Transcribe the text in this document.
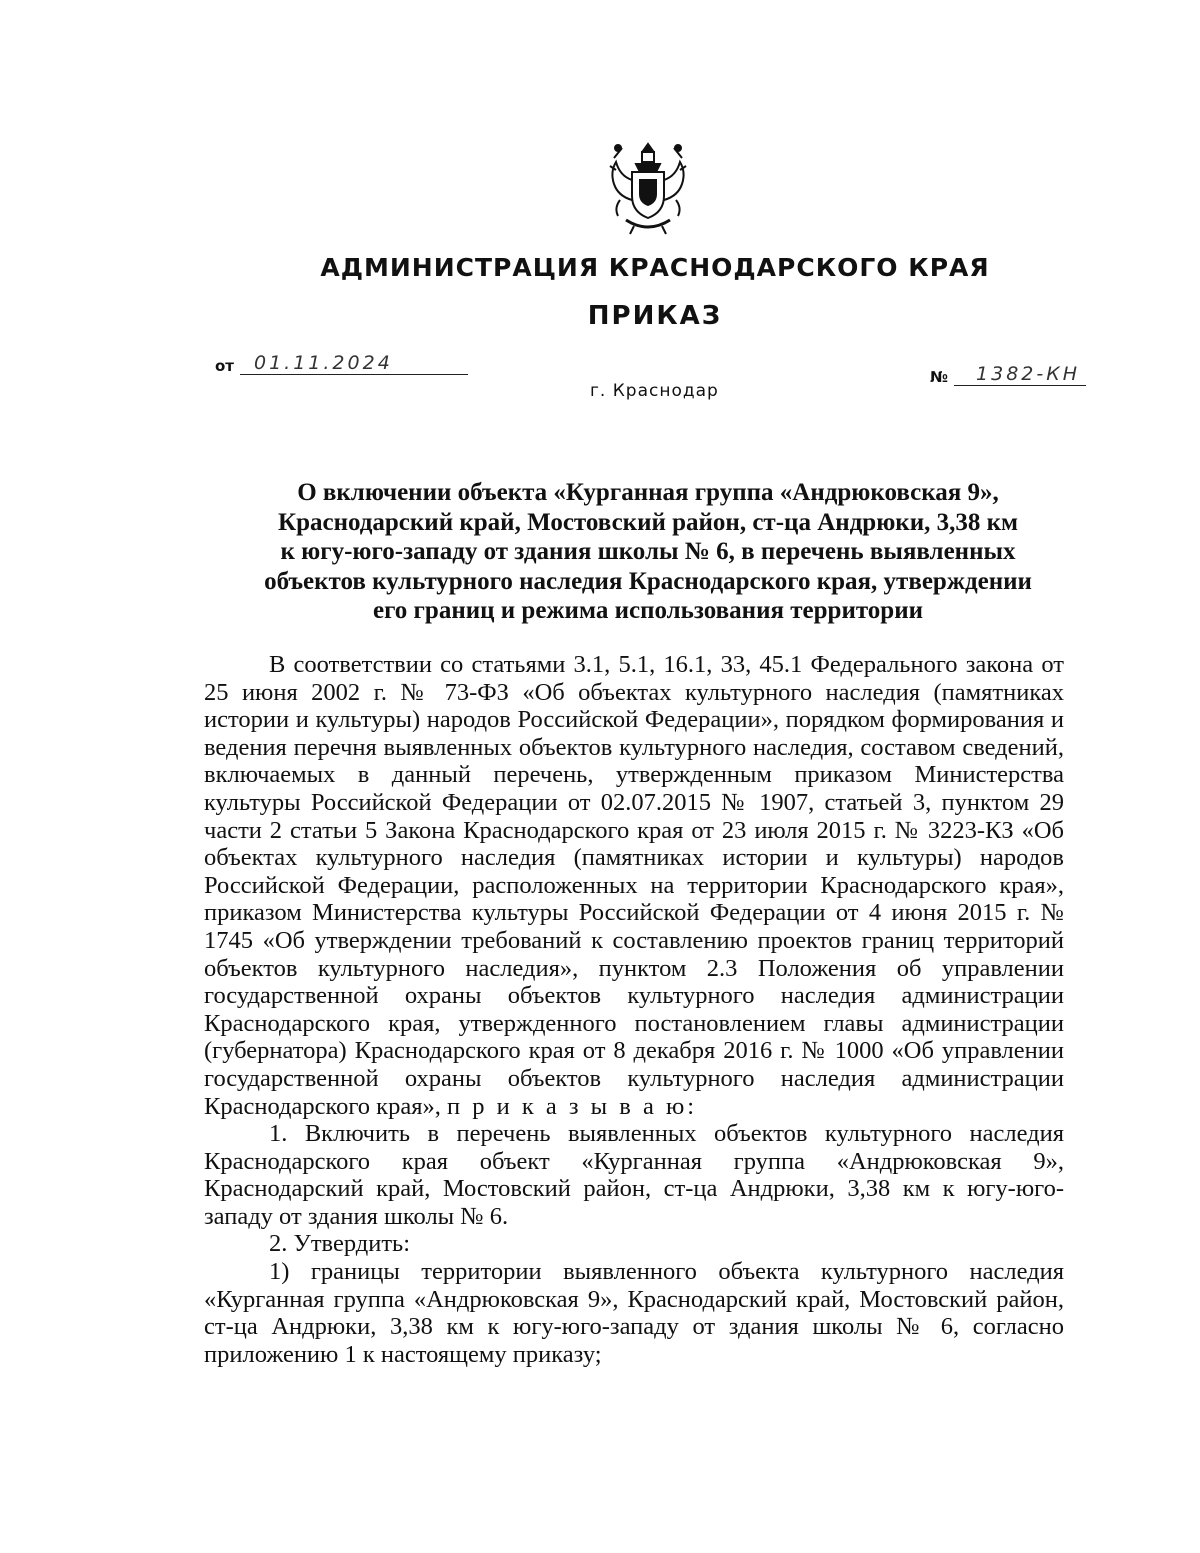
АДМИНИСТРАЦИЯ КРАСНОДАРСКОГО КРАЯ
ПРИКАЗ
от 01.11.2024
№ 1382-КН
г. Краснодар
О включении объекта «Курганная группа «Андрюковская 9»,
Краснодарский край, Мостовский район, ст-ца Андрюки, 3,38 км
к югу-юго-западу от здания школы № 6, в перечень выявленных
объектов культурного наследия Краснодарского края, утверждении
его границ и режима использования территории

В соответствии со статьями 3.1, 5.1, 16.1, 33, 45.1 Федерального закона от 25 июня 2002 г. № 73-ФЗ «Об объектах культурного наследия (памятниках истории и культуры) народов Российской Федерации», порядком формирования и ведения перечня выявленных объектов культурного наследия, составом сведений, включаемых в данный перечень, утвержденным приказом Министерства культуры Российской Федерации от 02.07.2015 № 1907, статьей 3, пунктом 29 части 2 статьи 5 Закона Краснодарского края от 23 июля 2015 г. № 3223-КЗ «Об объектах культурного наследия (памятниках истории и культуры) народов Российской Федерации, расположенных на территории Краснодарского края», приказом Министерства культуры Российской Федерации от 4 июня 2015 г. № 1745 «Об утверждении требований к составлению проектов границ территорий объектов культурного наследия», пунктом 2.3 Положения об управлении государственной охраны объектов культурного наследия администрации Краснодарского края, утвержденного постановлением главы администрации (губернатора) Краснодарского края от 8 декабря 2016 г. № 1000 «Об управлении государственной охраны объектов культурного наследия администрации Краснодарского края», п р и к а з ы в а ю:

1. Включить в перечень выявленных объектов культурного наследия Краснодарского края объект «Курганная группа «Андрюковская 9», Краснодарский край, Мостовский район, ст-ца Андрюки, 3,38 км к югу-юго-западу от здания школы № 6.

2. Утвердить:

1) границы территории выявленного объекта культурного наследия «Курганная группа «Андрюковская 9», Краснодарский край, Мостовский район, ст-ца Андрюки, 3,38 км к югу-юго-западу от здания школы № 6, согласно приложению 1 к настоящему приказу;
